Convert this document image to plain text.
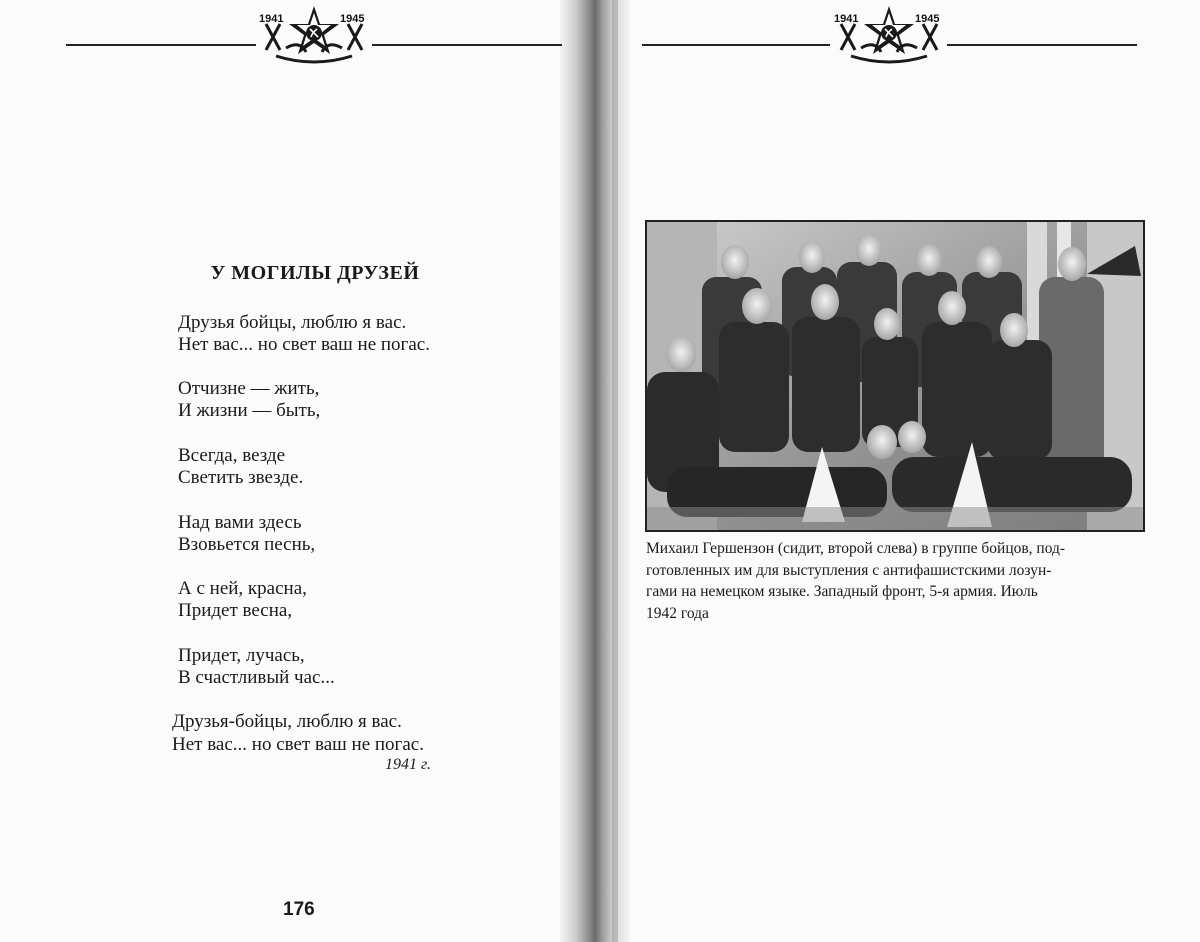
1941	1945	1941	1945
У МОГИЛЫ ДРУЗЕЙ
Друзья бойцы, люблю я вас.
Нет вас... но свет ваш не погас.
Отчизне — жить,
И жизни — быть,
Всегда, везде
Светить звезде.
Над вами здесь
Взовьется песнь,
А с ней, красна,
Придет весна,
Придет, лучась,
В счастливый час...
Друзья-бойцы, люблю я вас.
Нет вас... но свет ваш не погас.
1941 г.
176
Михаил Гершензон (сидит, второй слева) в группе бойцов, под-
готовленных им для выступления с антифашистскими лозун-
гами на немецком языке. Западный фронт, 5-я армия. Июль
1942 года
